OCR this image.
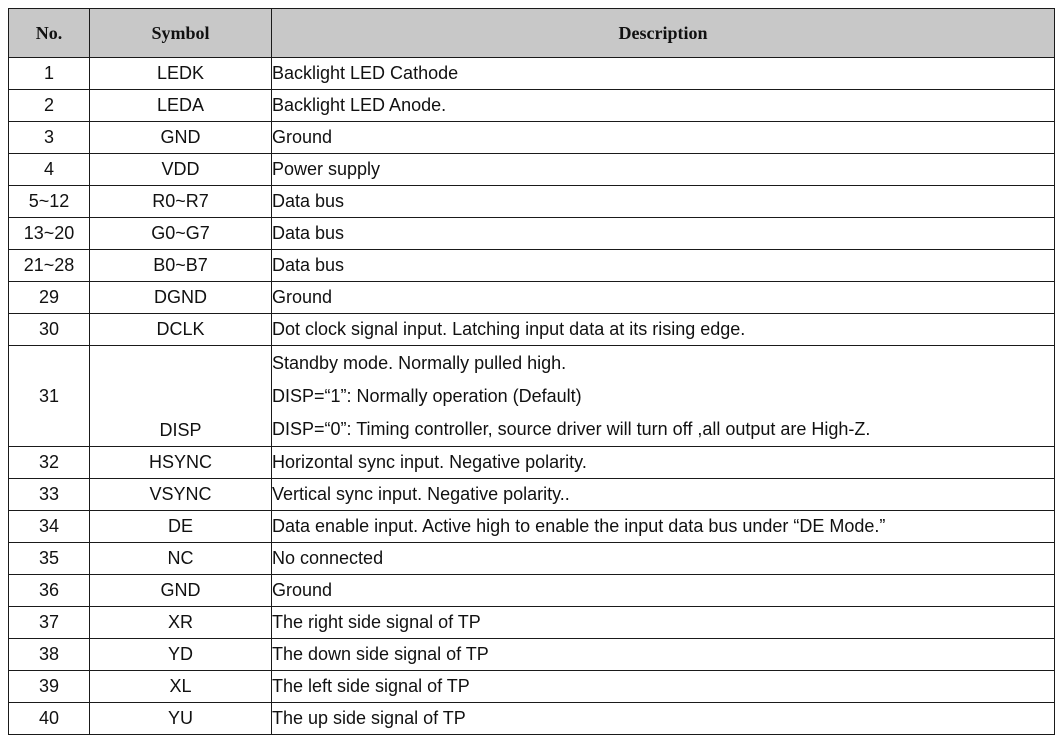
No.	Symbol	Description
1	LEDK	Backlight LED Cathode
2	LEDA	Backlight LED Anode.
3	GND	Ground
4	VDD	Power supply
5~12	R0~R7	Data bus
13~20	G0~G7	Data bus
21~28	B0~B7	Data bus
29	DGND	Ground
30	DCLK	Dot clock signal input. Latching input data at its rising edge.
31	DISP	Standby mode. Normally pulled high.
DISP=“1”: Normally operation (Default)
DISP=“0”: Timing controller, source driver will turn off ,all output are High-Z.

32	HSYNC	Horizontal sync input. Negative polarity.
33	VSYNC	Vertical sync input. Negative polarity..
34	DE	Data enable input. Active high to enable the input data bus under “DE Mode.”
35	NC	No connected
36	GND	Ground
37	XR	The right side signal of TP
38	YD	The down side signal of TP
39	XL	The left side signal of TP
40	YU	The up side signal of TP
